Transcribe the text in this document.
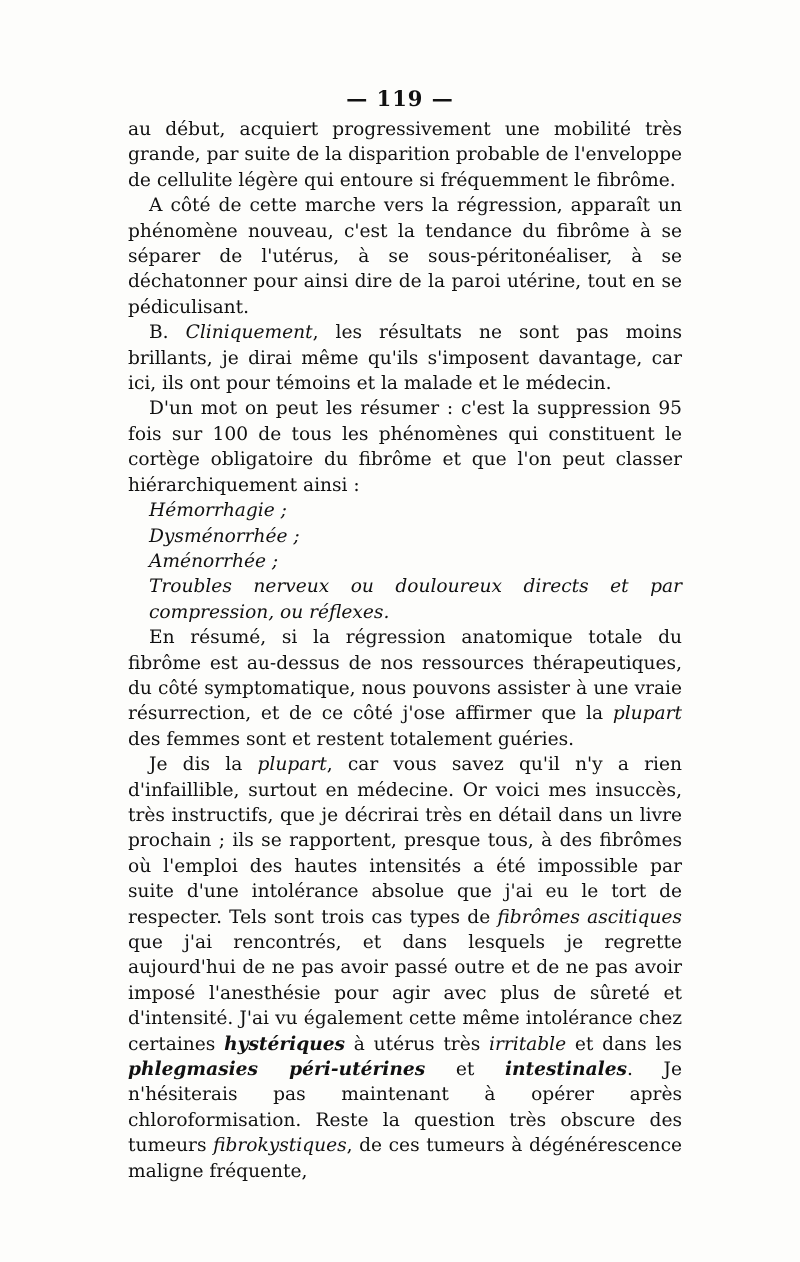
— 119 —

au début, acquiert progressivement une mobilité très grande, par suite de la disparition probable de l'enveloppe de cellulite légère qui entoure si fréquemment le fibrôme.

A côté de cette marche vers la régression, apparaît un phénomène nouveau, c'est la tendance du fibrôme à se séparer de l'utérus, à se sous-péritonéaliser, à se déchatonner pour ainsi dire de la paroi utérine, tout en se pédiculisant.

B. Cliniquement, les résultats ne sont pas moins brillants, je dirai même qu'ils s'imposent davantage, car ici, ils ont pour témoins et la malade et le médecin.

D'un mot on peut les résumer : c'est la suppression 95 fois sur 100 de tous les phénomènes qui constituent le cortège obligatoire du fibrôme et que l'on peut classer hiérarchiquement ainsi :

Hémorrhagie ;

Dysménorrhée ;

Aménorrhée ;

Troubles nerveux ou douloureux directs et par compression, ou réflexes.

En résumé, si la régression anatomique totale du fibrôme est au-dessus de nos ressources thérapeutiques, du côté symptomatique, nous pouvons assister à une vraie résurrection, et de ce côté j'ose affirmer que la plupart des femmes sont et restent totalement guéries.

Je dis la plupart, car vous savez qu'il n'y a rien d'infaillible, surtout en médecine. Or voici mes insuccès, très instructifs, que je décrirai très en détail dans un livre prochain ; ils se rapportent, presque tous, à des fibrômes où l'emploi des hautes intensités a été impossible par suite d'une intolérance absolue que j'ai eu le tort de respecter. Tels sont trois cas types de fibrômes ascitiques que j'ai rencontrés, et dans lesquels je regrette aujourd'hui de ne pas avoir passé outre et de ne pas avoir imposé l'anesthésie pour agir avec plus de sûreté et d'intensité. J'ai vu également cette même intolérance chez certaines hystériques à utérus très irritable et dans les phlegmasies péri-utérines et intestinales. Je n'hésiterais pas maintenant à opérer après chloroformisation. Reste la question très obscure des tumeurs fibrokystiques, de ces tumeurs à dégénérescence maligne fréquente,
